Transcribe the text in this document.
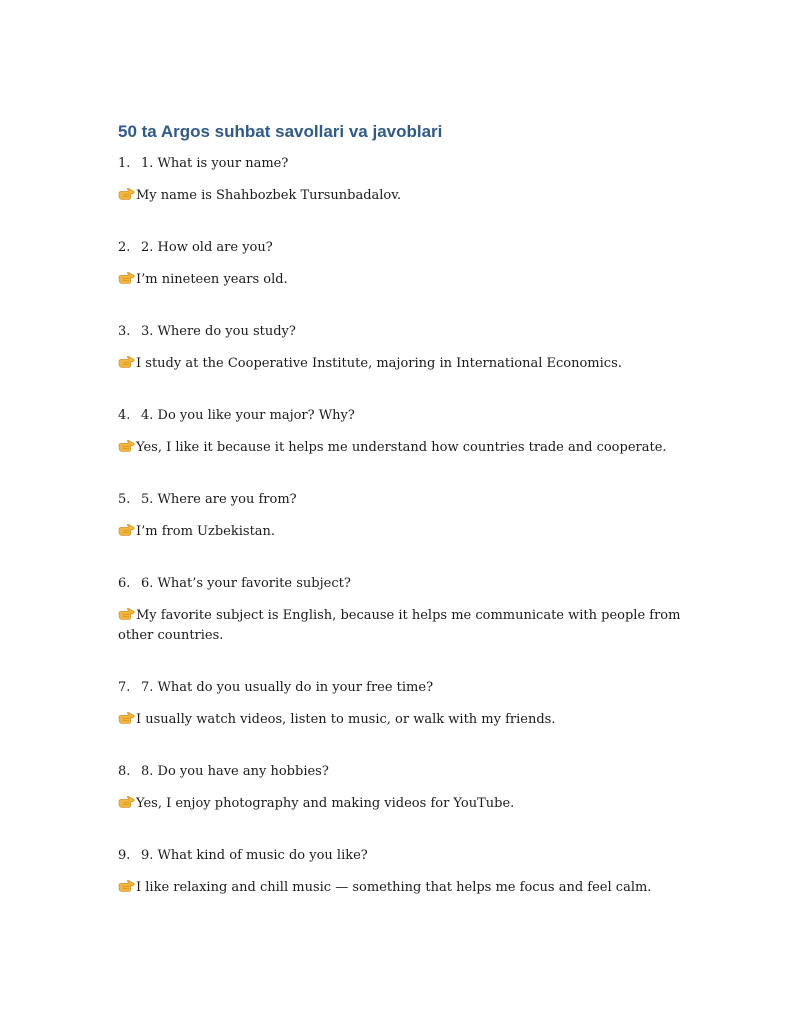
50 ta Argos suhbat savollari va javoblari

1. 1. What is your name?

My name is Shahbozbek Tursunbadalov.

2. 2. How old are you?

I’m nineteen years old.

3. 3. Where do you study?

I study at the Cooperative Institute, majoring in International Economics.

4. 4. Do you like your major? Why?

Yes, I like it because it helps me understand how countries trade and cooperate.

5. 5. Where are you from?

I’m from Uzbekistan.

6. 6. What’s your favorite subject?

My favorite subject is English, because it helps me communicate with people from other countries.

7. 7. What do you usually do in your free time?

I usually watch videos, listen to music, or walk with my friends.

8. 8. Do you have any hobbies?

Yes, I enjoy photography and making videos for YouTube.

9. 9. What kind of music do you like?

I like relaxing and chill music — something that helps me focus and feel calm.
